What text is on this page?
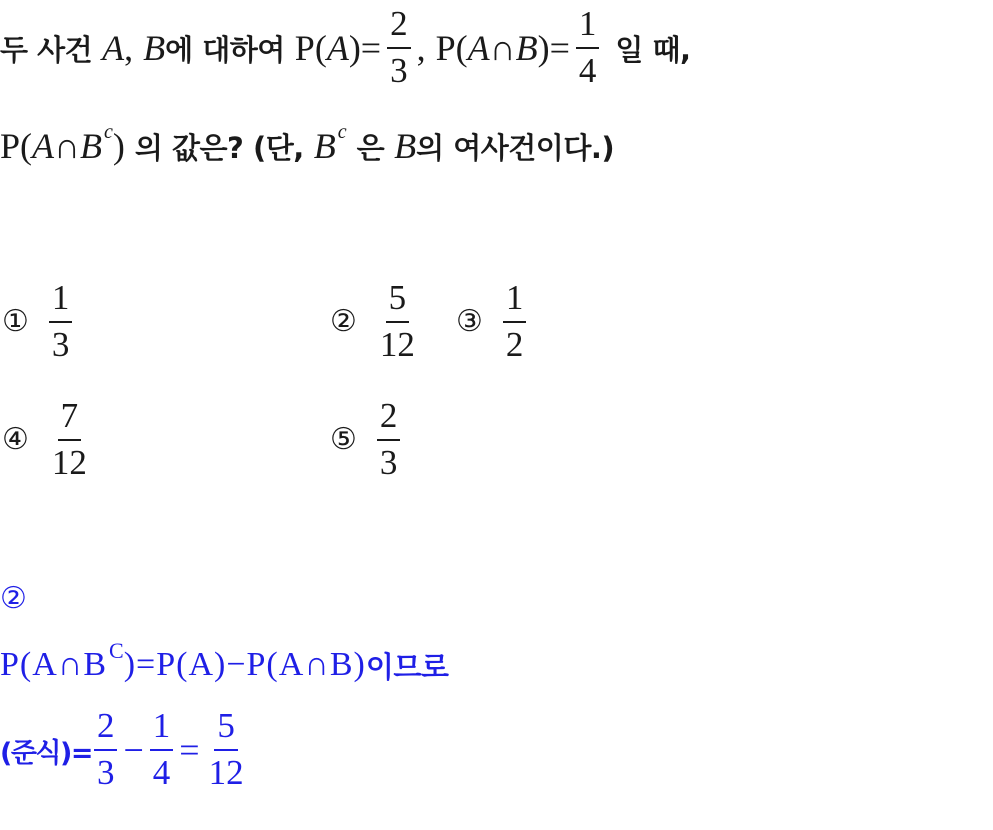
두 사건 A , B 에 대하여 P( A )= $\frac{2}{3}$ , P( A ∩ B )= $\frac{1}{4}$ 일 때,
P( A ∩ B c ) 의 값은? (단, B c 은 B 의 여사건이다.)
① $\frac{1}{3}$	② $\frac{5}{12}$ ③ $\frac{1}{2}$
④ $\frac{7}{12}$	⑤ $\frac{2}{3}$
②
P(A∩B C )=P(A)−P(A∩B) 이므로
(준식)= $\frac{2}{3} - \frac{1}{4} = \frac{5}{12}$
